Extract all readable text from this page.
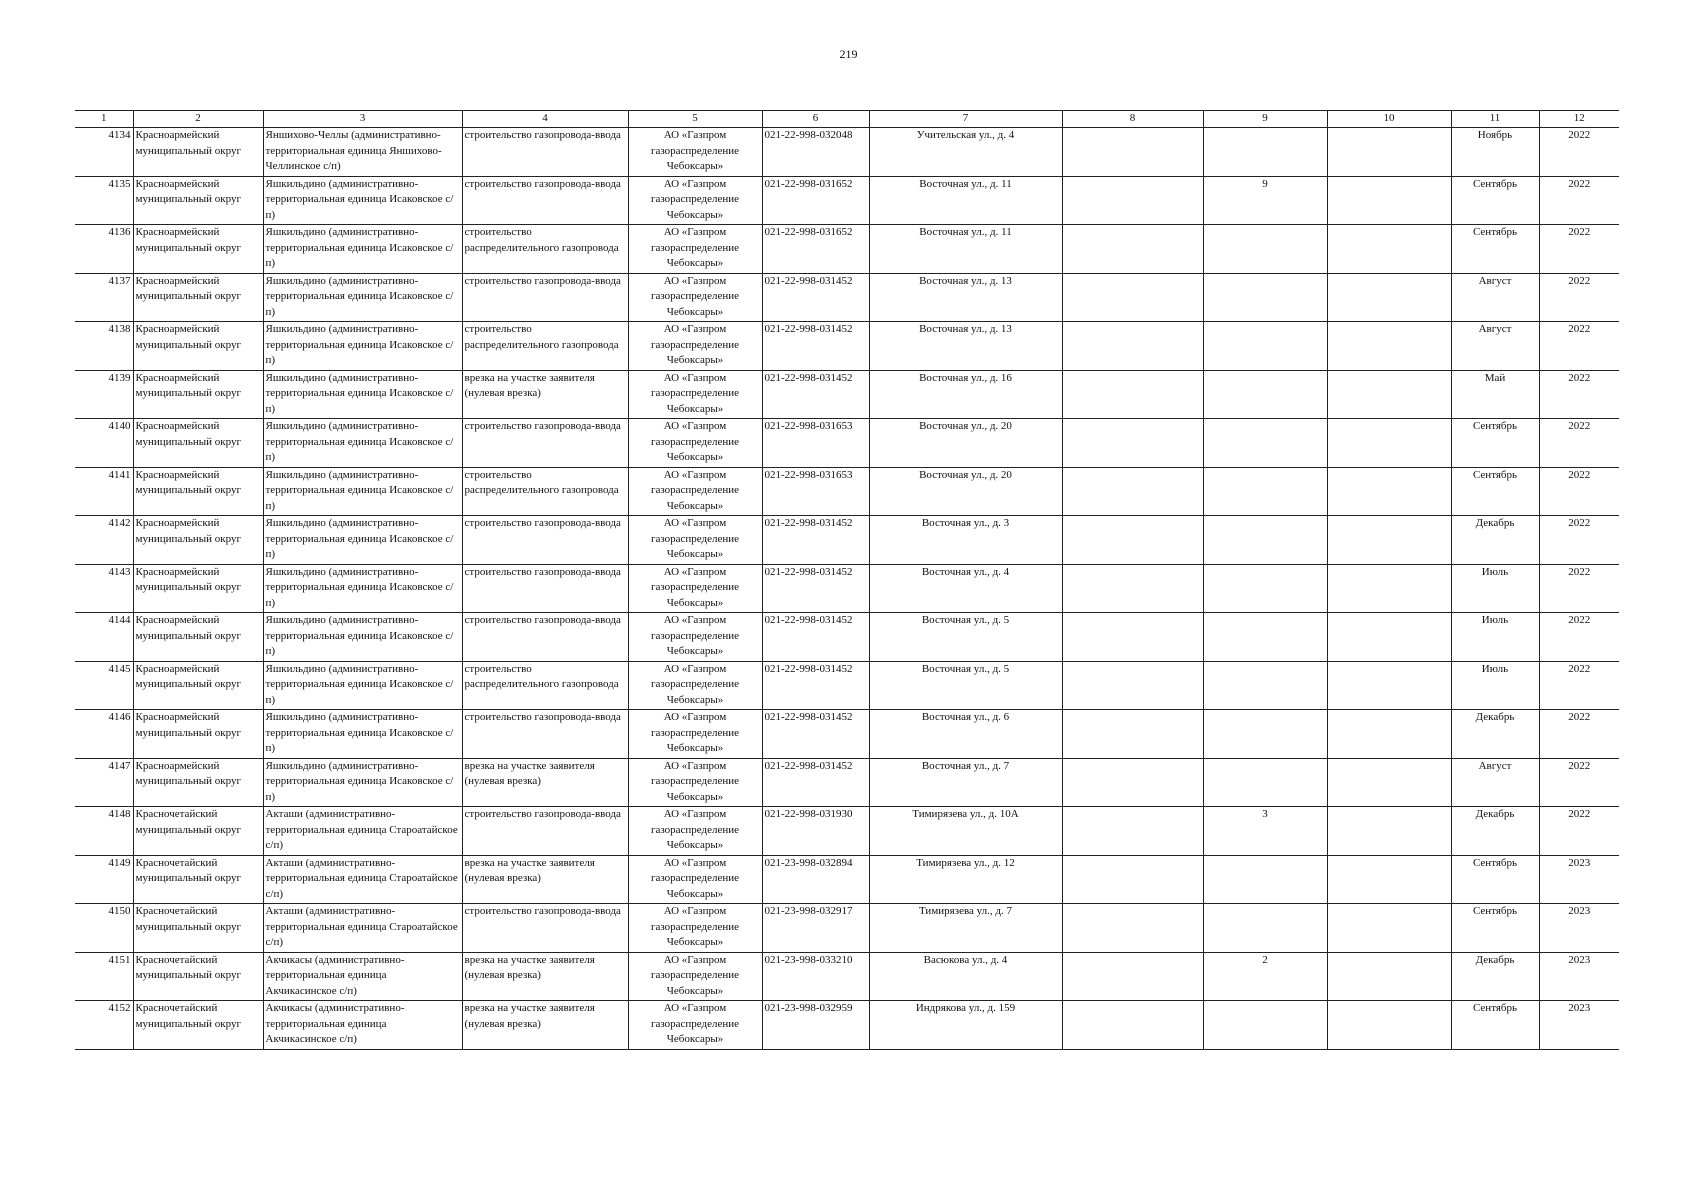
219
1	2	3	4	5	6	7	8	9	10	11	12
4134	Красноармейский муниципальный округ	Яншихово-Челлы (административно-территориальная единица Яншихово-Челлинское с/п)	строительство газопровода-ввода	АО «Газпром газораспределение Чебоксары»	021-22-998-032048	Учительская ул., д. 4				Ноябрь	2022
4135	Красноармейский муниципальный округ	Яшкильдино (административно-территориальная единица Исаковское с/п)	строительство газопровода-ввода	АО «Газпром газораспределение Чебоксары»	021-22-998-031652	Восточная ул., д. 11		9		Сентябрь	2022
4136	Красноармейский муниципальный округ	Яшкильдино (административно-территориальная единица Исаковское с/п)	строительство распределительного газопровода	АО «Газпром газораспределение Чебоксары»	021-22-998-031652	Восточная ул., д. 11				Сентябрь	2022
4137	Красноармейский муниципальный округ	Яшкильдино (административно-территориальная единица Исаковское с/п)	строительство газопровода-ввода	АО «Газпром газораспределение Чебоксары»	021-22-998-031452	Восточная ул., д. 13				Август	2022
4138	Красноармейский муниципальный округ	Яшкильдино (административно-территориальная единица Исаковское с/п)	строительство распределительного газопровода	АО «Газпром газораспределение Чебоксары»	021-22-998-031452	Восточная ул., д. 13				Август	2022
4139	Красноармейский муниципальный округ	Яшкильдино (административно-территориальная единица Исаковское с/п)	врезка на участке заявителя (нулевая врезка)	АО «Газпром газораспределение Чебоксары»	021-22-998-031452	Восточная ул., д. 16				Май	2022
4140	Красноармейский муниципальный округ	Яшкильдино (административно-территориальная единица Исаковское с/п)	строительство газопровода-ввода	АО «Газпром газораспределение Чебоксары»	021-22-998-031653	Восточная ул., д. 20				Сентябрь	2022
4141	Красноармейский муниципальный округ	Яшкильдино (административно-территориальная единица Исаковское с/п)	строительство распределительного газопровода	АО «Газпром газораспределение Чебоксары»	021-22-998-031653	Восточная ул., д. 20				Сентябрь	2022
4142	Красноармейский муниципальный округ	Яшкильдино (административно-территориальная единица Исаковское с/п)	строительство газопровода-ввода	АО «Газпром газораспределение Чебоксары»	021-22-998-031452	Восточная ул., д. 3				Декабрь	2022
4143	Красноармейский муниципальный округ	Яшкильдино (административно-территориальная единица Исаковское с/п)	строительство газопровода-ввода	АО «Газпром газораспределение Чебоксары»	021-22-998-031452	Восточная ул., д. 4				Июль	2022
4144	Красноармейский муниципальный округ	Яшкильдино (административно-территориальная единица Исаковское с/п)	строительство газопровода-ввода	АО «Газпром газораспределение Чебоксары»	021-22-998-031452	Восточная ул., д. 5				Июль	2022
4145	Красноармейский муниципальный округ	Яшкильдино (административно-территориальная единица Исаковское с/п)	строительство распределительного газопровода	АО «Газпром газораспределение Чебоксары»	021-22-998-031452	Восточная ул., д. 5				Июль	2022
4146	Красноармейский муниципальный округ	Яшкильдино (административно-территориальная единица Исаковское с/п)	строительство газопровода-ввода	АО «Газпром газораспределение Чебоксары»	021-22-998-031452	Восточная ул., д. 6				Декабрь	2022
4147	Красноармейский муниципальный округ	Яшкильдино (административно-территориальная единица Исаковское с/п)	врезка на участке заявителя (нулевая врезка)	АО «Газпром газораспределение Чебоксары»	021-22-998-031452	Восточная ул., д. 7				Август	2022
4148	Красночетайский муниципальный округ	Акташи (административно-территориальная единица Староатайское с/п)	строительство газопровода-ввода	АО «Газпром газораспределение Чебоксары»	021-22-998-031930	Тимирязева ул., д. 10А		3		Декабрь	2022
4149	Красночетайский муниципальный округ	Акташи (административно-территориальная единица Староатайское с/п)	врезка на участке заявителя (нулевая врезка)	АО «Газпром газораспределение Чебоксары»	021-23-998-032894	Тимирязева ул., д. 12				Сентябрь	2023
4150	Красночетайский муниципальный округ	Акташи (административно-территориальная единица Староатайское с/п)	строительство газопровода-ввода	АО «Газпром газораспределение Чебоксары»	021-23-998-032917	Тимирязева ул., д. 7				Сентябрь	2023
4151	Красночетайский муниципальный округ	Акчикасы (административно-территориальная единица Акчикасинское с/п)	врезка на участке заявителя (нулевая врезка)	АО «Газпром газораспределение Чебоксары»	021-23-998-033210	Васюкова ул., д. 4		2		Декабрь	2023
4152	Красночетайский муниципальный округ	Акчикасы (административно-территориальная единица Акчикасинское с/п)	врезка на участке заявителя (нулевая врезка)	АО «Газпром газораспределение Чебоксары»	021-23-998-032959	Индрякова ул., д. 159				Сентябрь	2023
